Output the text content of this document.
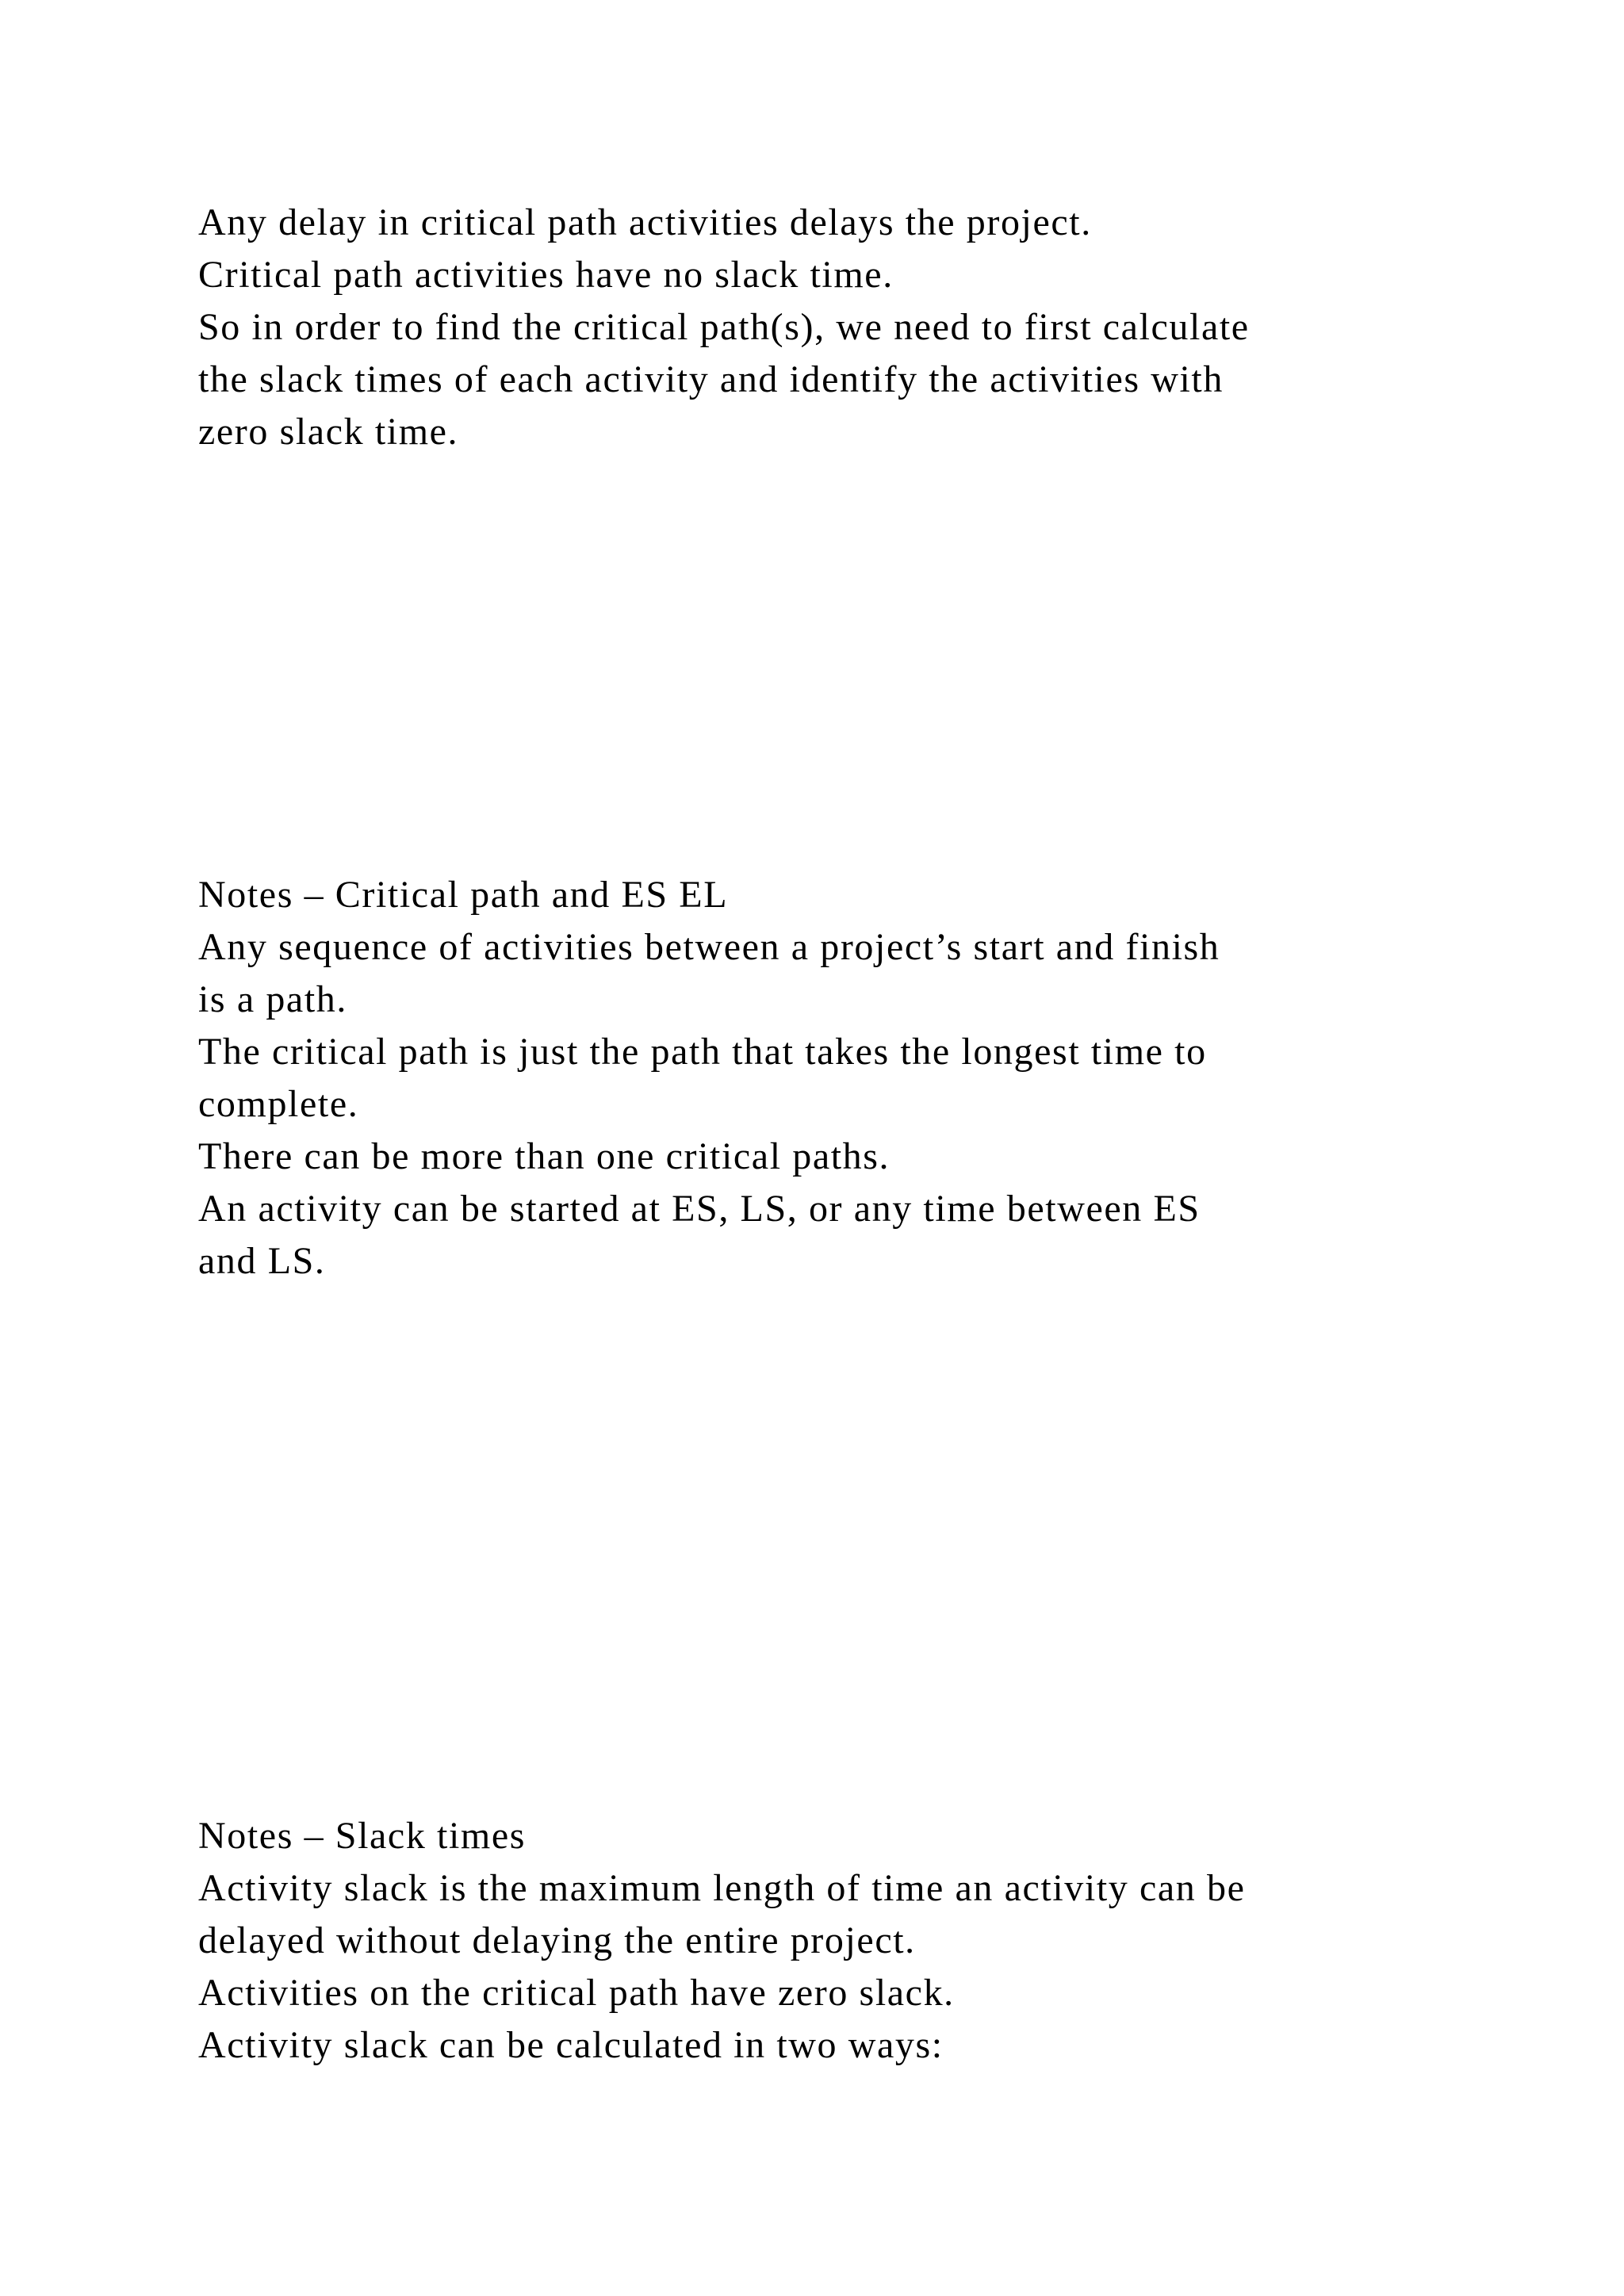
Any delay in critical path activities delays the project.
Critical path activities have no slack time.
So in order to find the critical path(s), we need to first calculate
the slack times of each activity and identify the activities with
zero slack time.
Notes – Critical path and ES EL
Any sequence of activities between a project’s start and finish
is a path.
The critical path is just the path that takes the longest time to
complete.
There can be more than one critical paths.
An activity can be started at ES, LS, or any time between ES
and LS.
Notes – Slack times
Activity slack is the maximum length of time an activity can be
delayed without delaying the entire project.
Activities on the critical path have zero slack.
Activity slack can be calculated in two ways:
